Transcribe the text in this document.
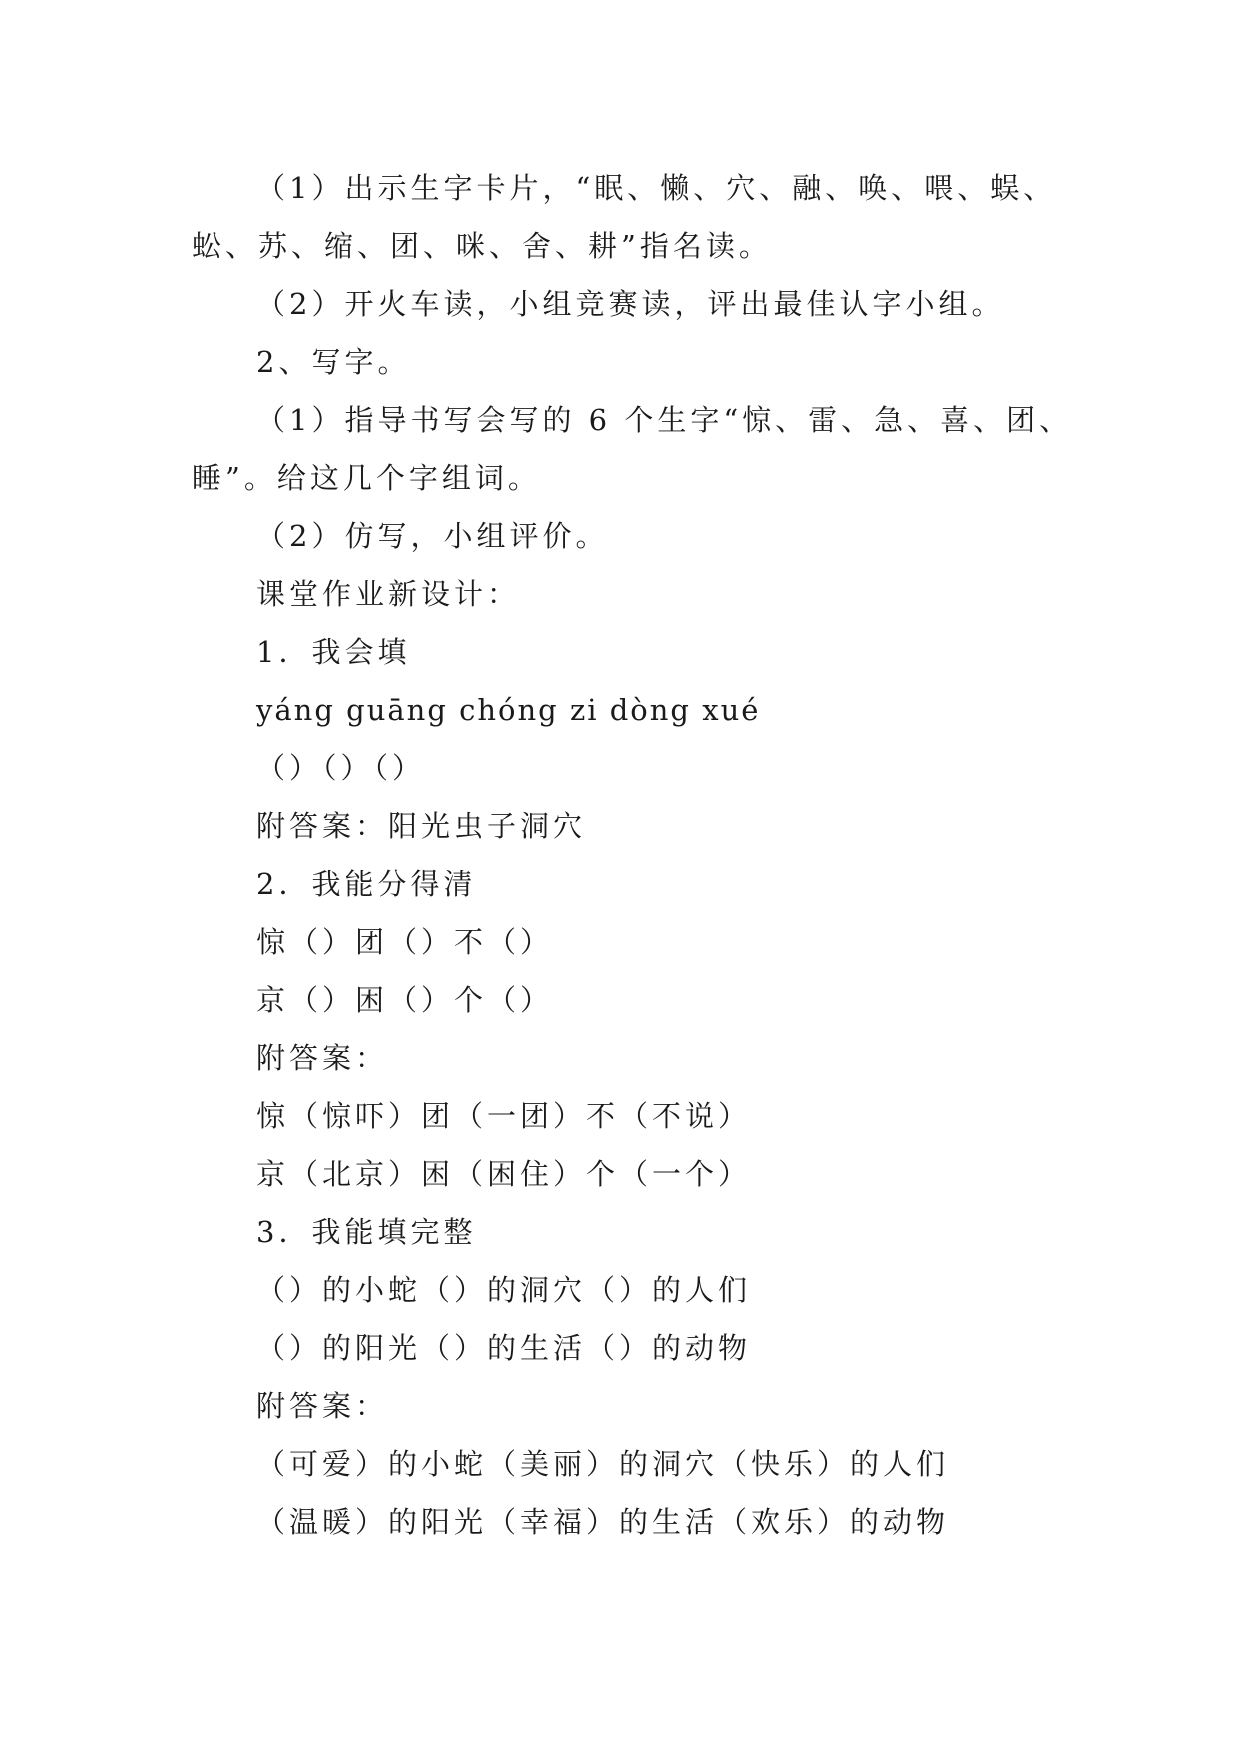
（1）出示生字卡片，“眠、懒、穴、融、唤、喂、蜈、
蚣、苏、缩、团、咪、舍、耕”指名读。
（2）开火车读，小组竞赛读，评出最佳认字小组。
2、写字。
（1）指导书写会写的 6 个生字“惊、雷、急、喜、团、
睡”。给这几个字组词。
（2）仿写，小组评价。
课堂作业新设计：
1．我会填
yáng guāng chóng zi dòng xué
（）（）（）
附答案：阳光虫子洞穴
2．我能分得清
惊（）团（）不（）
京（）困（）个（）
附答案：
惊（惊吓）团（一团）不（不说）
京（北京）困（困住）个（一个）
3．我能填完整
（）的小蛇（）的洞穴（）的人们
（）的阳光（）的生活（）的动物
附答案：
（可爱）的小蛇（美丽）的洞穴（快乐）的人们
（温暖）的阳光（幸福）的生活（欢乐）的动物
